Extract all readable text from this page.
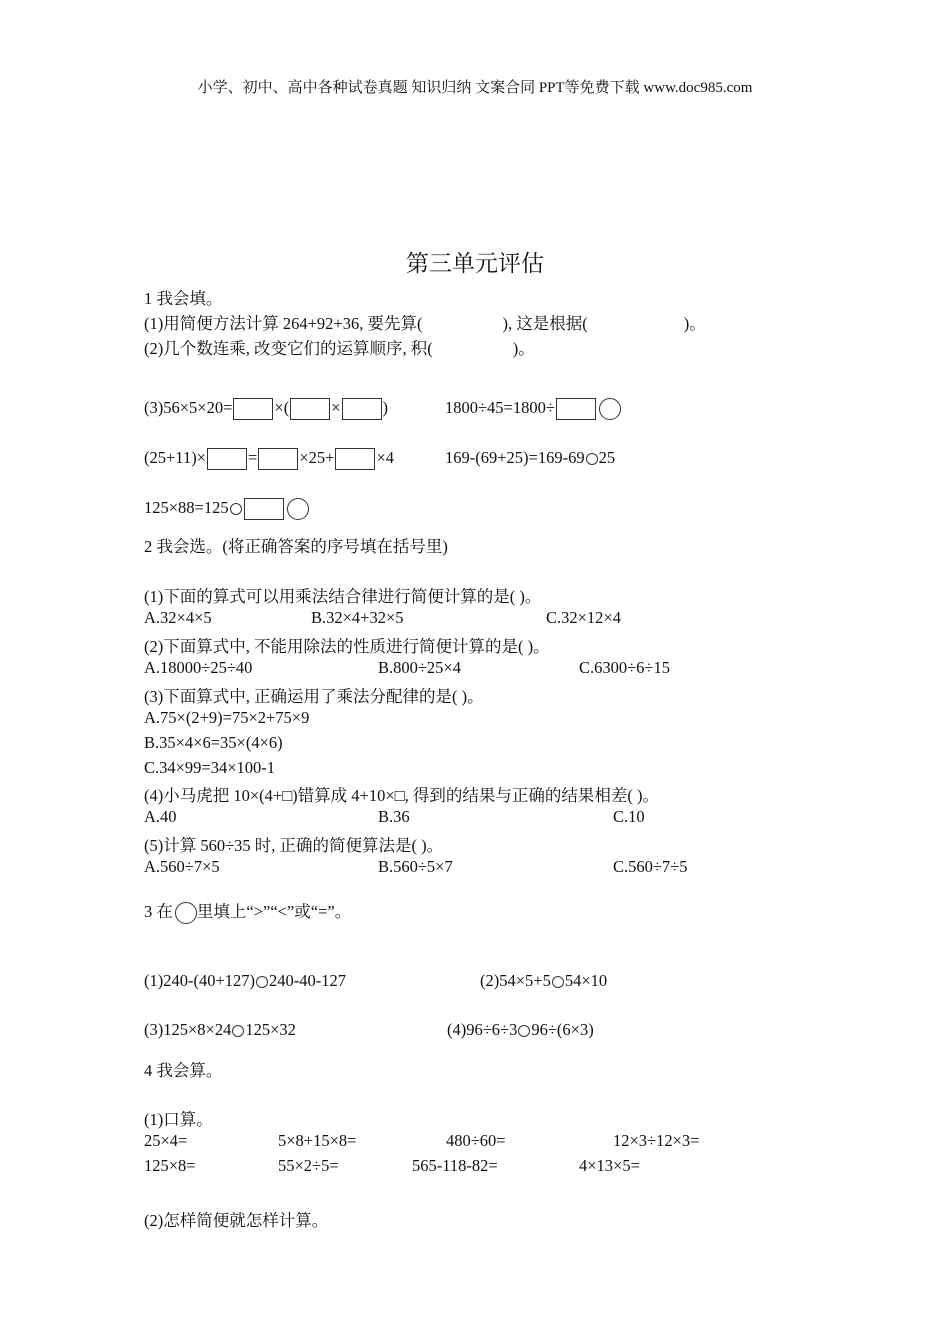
小学、初中、高中各种试卷真题 知识归纳 文案合同 PPT等免费下载 www.doc985.com
第三单元评估
1 我会填。
(1)用简便方法计算 264+92+36, 要先算(	), 这是根据(	)。
(2)几个数连乘, 改变它们的运算顺序, 积(	)。
(3)56×5×20=	×(	×	)	1800÷45=1800÷
(25+11)×	=	×25+	×4	169-(69+25)=169-69 25
125×88=125
2 我会选。(将正确答案的序号填在括号里)
(1)下面的算式可以用乘法结合律进行简便计算的是( )。
A.32×4×5	B.32×4+32×5	C.32×12×4
(2)下面算式中, 不能用除法的性质进行简便计算的是( )。
A.18000÷25÷40	B.800÷25×4	C.6300÷6÷15
(3)下面算式中, 正确运用了乘法分配律的是( )。
A.75×(2+9)=75×2+75×9
B.35×4×6=35×(4×6)
C.34×99=34×100-1
(4)小马虎把 10×(4+□)错算成 4+10×□, 得到的结果与正确的结果相差( )。
A.40	B.36	C.10
(5)计算 560÷35 时, 正确的简便算法是( )。
A.560÷7×5	B.560÷5×7	C.560÷7÷5
3 在 里填上“>”“<”或“=”。
(1)240-(40+127) 240-40-127	(2)54×5+5 54×10
(3)125×8×24 125×32	(4)96÷6÷3 96÷(6×3)
4 我会算。
(1)口算。
25×4=	5×8+15×8=	480÷60=	12×3÷12×3=
125×8=	55×2÷5=	565-118-82=	4×13×5=
(2)怎样简便就怎样计算。
